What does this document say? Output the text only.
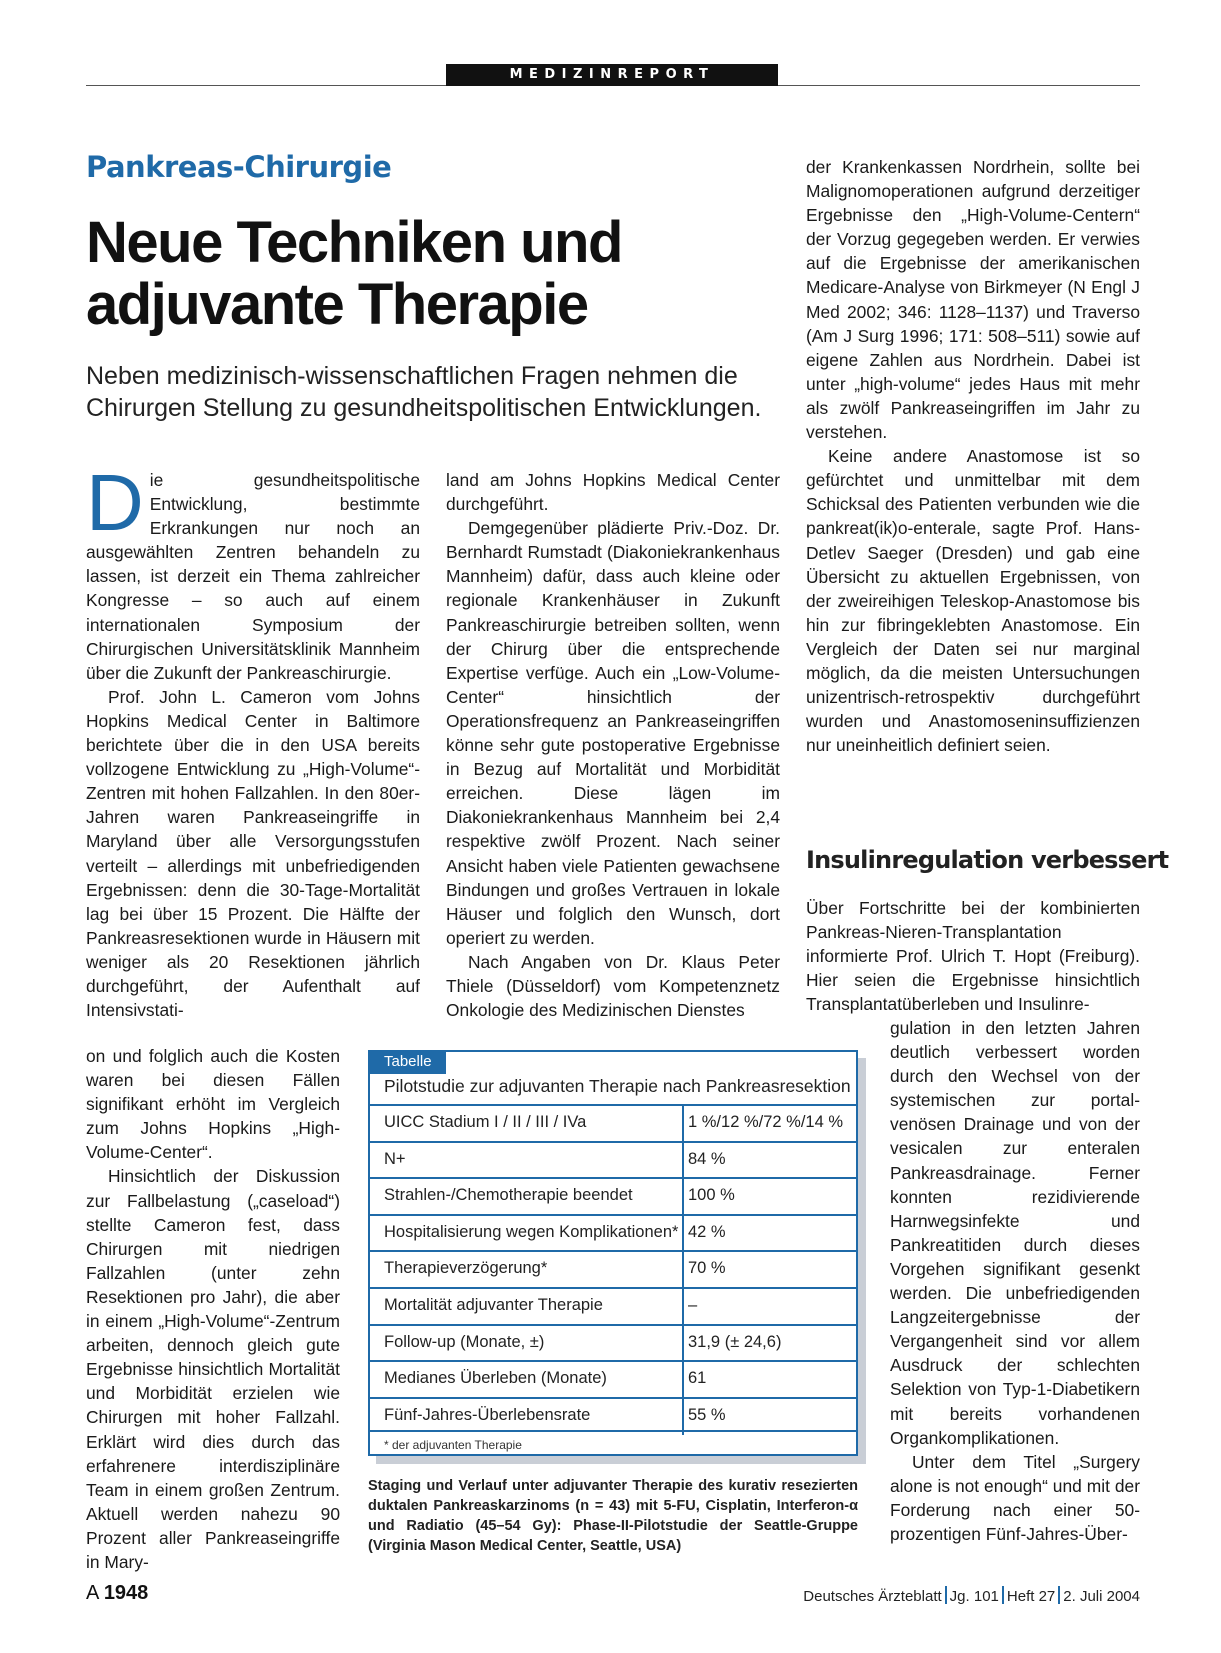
MEDIZINREPORT
Pankreas-Chirurgie
Neue Techniken und adjuvante Therapie

Neben medizinisch-wissenschaftlichen Fragen nehmen die Chirurgen Stellung zu gesundheitspolitischen Entwicklungen.

Die gesundheitspolitische Entwicklung, bestimmte Erkrankungen nur noch an ausgewählten Zentren behandeln zu lassen, ist derzeit ein Thema zahlreicher Kongresse – so auch auf einem internationalen Symposium der Chirurgischen Universitätsklinik Mannheim über die Zukunft der Pankreaschirurgie.

Prof. John L. Cameron vom Johns Hopkins Medical Center in Baltimore berichtete über die in den USA bereits vollzogene Entwicklung zu „High-Volume“-Zentren mit hohen Fallzahlen. In den 80er-Jahren waren Pankreaseingriffe in Maryland über alle Versorgungsstufen verteilt – allerdings mit unbefriedigenden Ergebnissen: denn die 30-Tage-Mortalität lag bei über 15 Prozent. Die Hälfte der Pankreasresektionen wurde in Häusern mit weniger als 20 Resektionen jährlich durchgeführt, der Aufenthalt auf Intensivstati-

on und folglich auch die Kosten waren bei diesen Fällen signifikant erhöht im Vergleich zum Johns Hopkins „High-Volume-Center“.

Hinsichtlich der Diskussion zur Fallbelastung („caseload“) stellte Cameron fest, dass Chirurgen mit niedrigen Fallzahlen (unter zehn Resektionen pro Jahr), die aber in einem „High-Volume“-Zentrum arbeiten, dennoch gleich gute Ergebnisse hinsichtlich Mortalität und Morbidität erzielen wie Chirurgen mit hoher Fallzahl. Erklärt wird dies durch das erfahrenere interdisziplinäre Team in einem großen Zentrum. Aktuell werden nahezu 90 Prozent aller Pankreaseingriffe in Mary-

land am Johns Hopkins Medical Center durchgeführt.

Demgegenüber plädierte Priv.-Doz. Dr. Bernhardt Rumstadt (Diakoniekrankenhaus Mannheim) dafür, dass auch kleine oder regionale Krankenhäuser in Zukunft Pankreaschirurgie betreiben sollten, wenn der Chirurg über die entsprechende Expertise verfüge. Auch ein „Low-Volume-Center“ hinsichtlich der Operationsfrequenz an Pankreaseingriffen könne sehr gute postoperative Ergebnisse in Bezug auf Mortalität und Morbidität erreichen. Diese lägen im Diakoniekrankenhaus Mannheim bei 2,4 respektive zwölf Prozent. Nach seiner Ansicht haben viele Patienten gewachsene Bindungen und großes Vertrauen in lokale Häuser und folglich den Wunsch, dort operiert zu werden.

Nach Angaben von Dr. Klaus Peter Thiele (Düsseldorf) vom Kompetenznetz Onkologie des Medizinischen Dienstes

der Krankenkassen Nordrhein, sollte bei Malignomoperationen aufgrund derzeitiger Ergebnisse den „High-Volume-Centern“ der Vorzug gegegeben werden. Er verwies auf die Ergebnisse der amerikanischen Medicare-Analyse von Birkmeyer (N Engl J Med 2002; 346: 1128–1137) und Traverso (Am J Surg 1996; 171: 508–511) sowie auf eigene Zahlen aus Nordrhein. Dabei ist unter „high-volume“ jedes Haus mit mehr als zwölf Pankreaseingriffen im Jahr zu verstehen.

Keine andere Anastomose ist so gefürchtet und unmittelbar mit dem Schicksal des Patienten verbunden wie die pankreat(ik)o-enterale, sagte Prof. Hans-Detlev Saeger (Dresden) und gab eine Übersicht zu aktuellen Ergebnissen, von der zweireihigen Teleskop-Anastomose bis hin zur fibringeklebten Anastomose. Ein Vergleich der Daten sei nur marginal möglich, da die meisten Untersuchungen unizentrisch-retrospektiv durchgeführt wurden und Anastomoseninsuffizienzen nur uneinheitlich definiert seien.

Insulinregulation verbessert

Über Fortschritte bei der kombinierten Pankreas-Nieren-Transplantation informierte Prof. Ulrich T. Hopt (Freiburg). Hier seien die Ergebnisse hinsichtlich Transplantatüberleben und Insulinre-

gulation in den letzten Jahren deutlich verbessert worden durch den Wechsel von der systemischen zur portal-venösen Drainage und von der vesicalen zur enteralen Pankreasdrainage. Ferner konnten rezidivierende Harnwegsinfekte und Pankreatitiden durch dieses Vorgehen signifikant gesenkt werden. Die unbefriedigenden Langzeitergebnisse der Vergangenheit sind vor allem Ausdruck der schlechten Selektion von Typ-1-Diabetikern mit bereits vorhandenen Organkomplikationen.

Unter dem Titel „Surgery alone is not enough“ und mit der Forderung nach einer 50-prozentigen Fünf-Jahres-Über-

Tabelle
Pilotstudie zur adjuvanten Therapie nach Pankreasresektion
UICC Stadium I / II / III / IVa	1 %/12 %/72 %/14 %
N+	84 %
Strahlen-/Chemotherapie beendet	100 %
Hospitalisierung wegen Komplikationen* 42 %
Therapieverzögerung*	70 %
Mortalität adjuvanter Therapie	–
Follow-up (Monate, ±)	31,9 (± 24,6)
Medianes Überleben (Monate)	61
Fünf-Jahres-Überlebensrate	55 %
* der adjuvanten Therapie
Staging und Verlauf unter adjuvanter Therapie des kurativ resezierten duktalen Pankreaskarzinoms (n = 43) mit 5-FU, Cisplatin, Interferon-α und Radiatio (45–54 Gy): Phase-II-Pilotstudie der Seattle-Gruppe (Virginia Mason Medical Center, Seattle, USA)
A 1948	Deutsches Ärzteblatt Jg. 101 Heft 27 2. Juli 2004
